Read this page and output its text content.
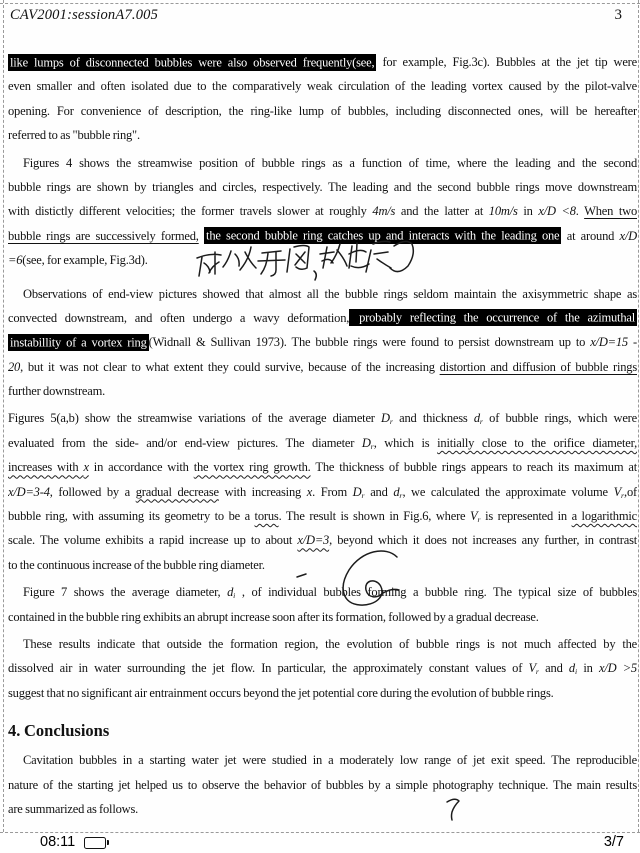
CAV2001:sessionA7.005	3
like lumps of disconnected bubbles were also observed frequently(see, for example, Fig.3c). Bubbles at the jet tip were
even smaller and often isolated due to the comparatively weak circulation of the leading vortex caused by the pilot-valve
opening. For convenience of description, the ring-like lump of bubbles, including disconnected ones, will be hereafter
referred to as "bubble ring".
Figures 4 shows the streamwise position of bubble rings as a function of time, where the leading and the second
bubble rings are shown by triangles and circles, respectively. The leading and the second bubble rings move downstream
with distictly different velocities; the former travels slower at roughly 4m/s and the latter at 10m/s in x/D <8. When two
bubble rings are successively formed, the second bubble ring catches up and interacts with the leading one at around x/D
=6(see, for example, Fig.3d).
Observations of end-view pictures showed that almost all the bubble rings seldom maintain the axisymmetric shape as
convected downstream, and often undergo a wavy deformation, probably reflecting the occurrence of the azimuthal
instabillity of a vortex ring (Widnall & Sullivan 1973). The bubble rings were found to persist downstream up to x/D=15 -
20, but it was not clear to what extent they could survive, because of the increasing distortion and diffusion of bubble rings
further downstream.
Figures 5(a,b) show the streamwise variations of the average diameter $D_r$ and thickness $d_r$ of bubble rings, which were
evaluated from the side- and/or end-view pictures. The diameter $D_r$, which is initially close to the orifice diameter,
increases with x in accordance with the vortex ring growth. The thickness of bubble rings appears to reach its maximum at
x/D=3-4, followed by a gradual decrease with increasing x. From $D_r$ and $d_r$, we calculated the approximate volume $V_r,of$
bubble ring, with assuming its geometry to be a torus. The result is shown in Fig.6, where $V_r$ is represented in a logarithmic
scale. The volume exhibits a rapid increase up to about x/D=3, beyond which it does not increases any further, in contrast
to the continuous increase of the bubble ring diameter.
Figure 7 shows the average diameter, $d_i$ , of individual bubbles forming a bubble ring. The typical size of bubbles
contained in the bubble ring exhibits an abrupt increase soon after its formation, followed by a gradual decrease.
These results indicate that outside the formation region, the evolution of bubble rings is not much affected by the
dissolved air in water surrounding the jet flow. In particular, the approximately constant values of $V_r$ and $d_i$ in x/D >5
suggest that no significant air entrainment occurs beyond the jet potential core during the evolution of bubble rings.
4. Conclusions
Cavitation bubbles in a starting water jet were studied in a moderately low range of jet exit speed. The reproducible
nature of the starting jet helped us to observe the behavior of bubbles by a simple photography technique. The main results
are summarized as follows.
08:11	3/7
